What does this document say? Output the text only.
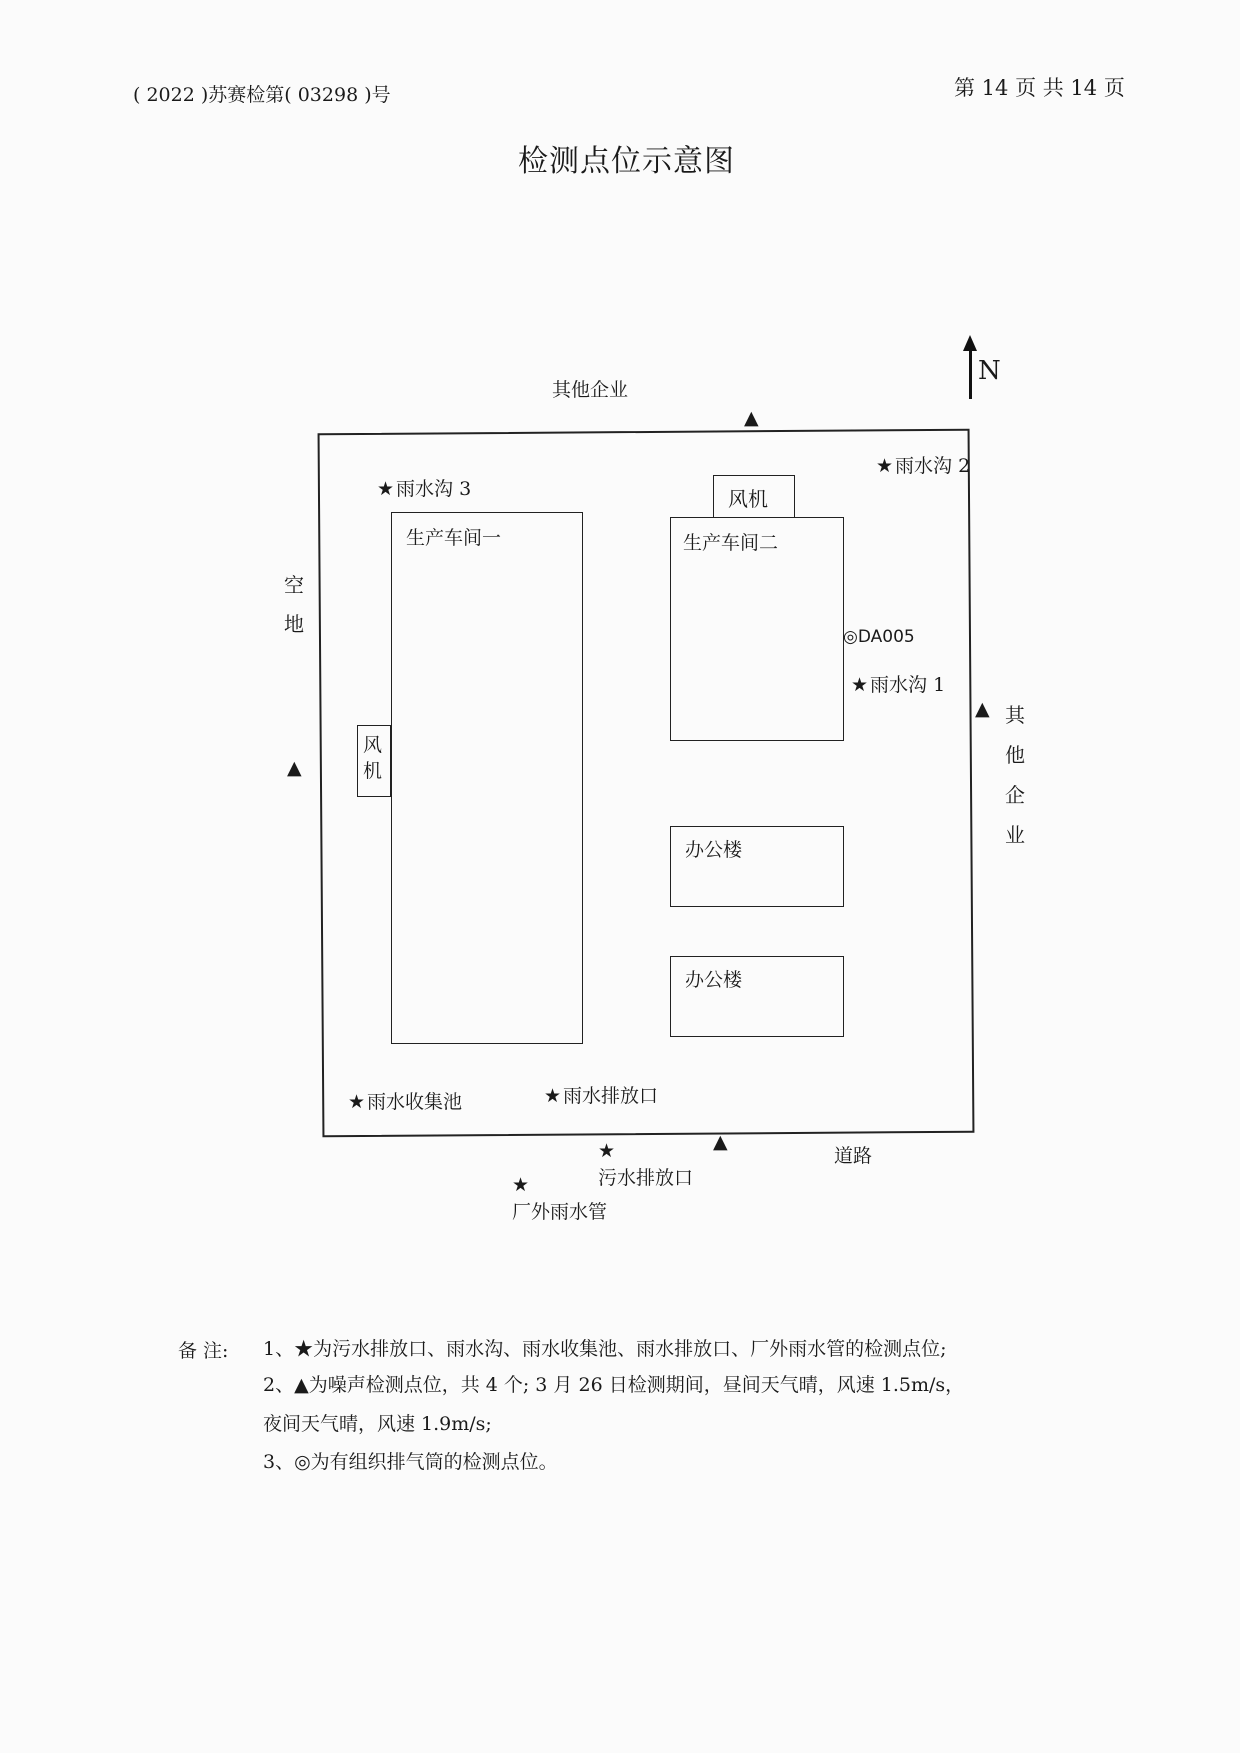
( 2022 )苏赛检第( 03298 )号	第 14 页 共 14 页
检测点位示意图
N
生产车间一
风机
生产车间二
风机
办公楼
办公楼
其他企业
空地
其他企业
道路
★ 雨水沟 3
★ 雨水沟 2
◎DA005
★ 雨水沟 1
★ 雨水收集池	★ 雨水排放口
★
污水排放口
★
厂外雨水管
▲
▲
▲
▲
备 注: 1、★为污水排放口、雨水沟、雨水收集池、雨水排放口、厂外雨水管的检测点位;
2、▲为噪声检测点位，共 4 个; 3 月 26 日检测期间，昼间天气晴，风速 1.5m/s，
夜间天气晴，风速 1.9m/s;
3、◎为有组织排气筒的检测点位。
